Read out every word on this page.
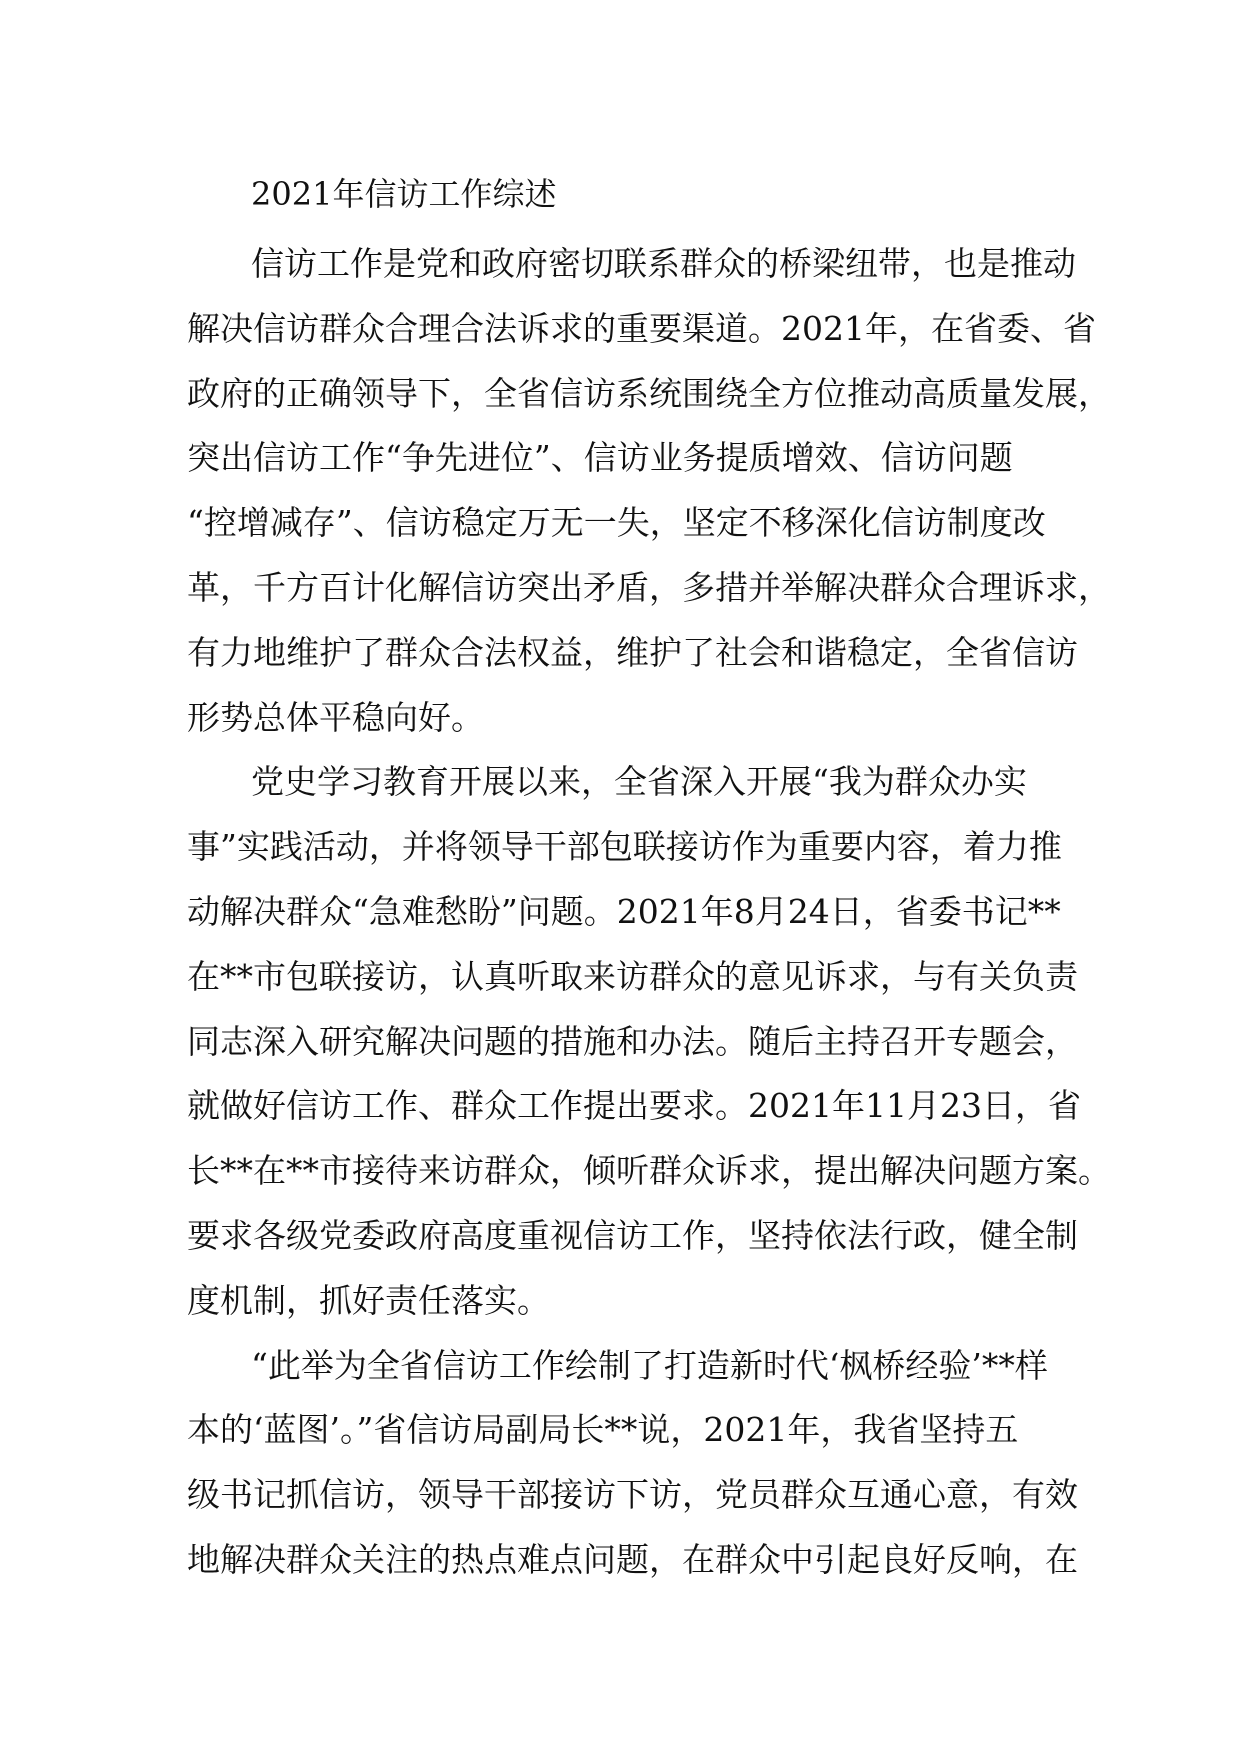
2021年信访工作综述
信访工作是党和政府密切联系群众的桥梁纽带，也是推动
解决信访群众合理合法诉求的重要渠道。2021年，在省委、省
政府的正确领导下，全省信访系统围绕全方位推动高质量发展，
突出信访工作“争先进位”、信访业务提质增效、信访问题
“控增减存”、信访稳定万无一失，坚定不移深化信访制度改
革，千方百计化解信访突出矛盾，多措并举解决群众合理诉求，
有力地维护了群众合法权益，维护了社会和谐稳定，全省信访
形势总体平稳向好。
党史学习教育开展以来，全省深入开展“我为群众办实
事”实践活动，并将领导干部包联接访作为重要内容，着力推
动解决群众“急难愁盼”问题。2021年8月24日，省委书记**
在**市包联接访，认真听取来访群众的意见诉求，与有关负责
同志深入研究解决问题的措施和办法。随后主持召开专题会，
就做好信访工作、群众工作提出要求。2021年11月23日，省
长**在**市接待来访群众，倾听群众诉求，提出解决问题方案。
要求各级党委政府高度重视信访工作，坚持依法行政，健全制
度机制，抓好责任落实。
“此举为全省信访工作绘制了打造新时代‘枫桥经验’**样
本的‘蓝图’。”省信访局副局长**说，2021年，我省坚持五
级书记抓信访，领导干部接访下访，党员群众互通心意，有效
地解决群众关注的热点难点问题，在群众中引起良好反响，在
